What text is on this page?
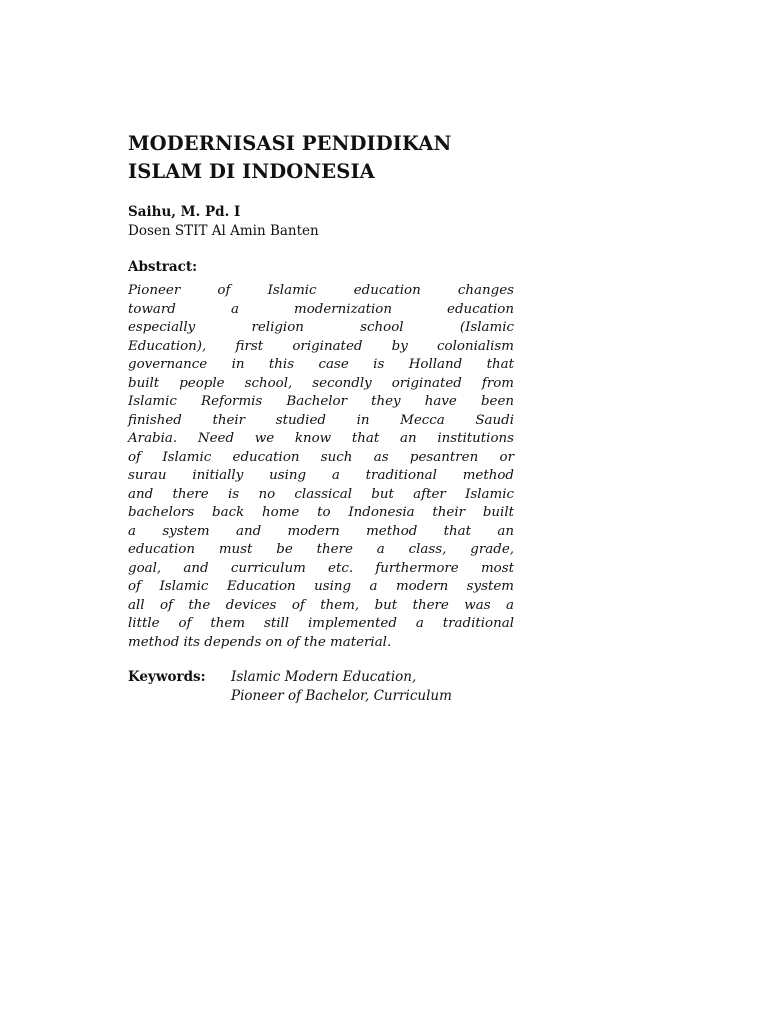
MODERNISASI PENDIDIKAN
ISLAM DI INDONESIA
Saihu, M. Pd. I
Dosen STIT Al Amin Banten
Abstract:
Pioneer of Islamic education changes
toward a modernization education
especially religion school (Islamic
Education), first originated by colonialism
governance in this case is Holland that
built people school, secondly originated from
Islamic Reformis Bachelor they have been
finished their studied in Mecca Saudi
Arabia. Need we know that an institutions
of Islamic education such as pesantren or
surau initially using a traditional method
and there is no classical but after Islamic
bachelors back home to Indonesia their built
a system and modern method that an
education must be there a class, grade,
goal, and curriculum etc. furthermore most
of Islamic Education using a modern system
all of the devices of them, but there was a
little of them still implemented a traditional
method its depends on of the material.
Keywords:	Islamic Modern Education,
Pioneer of Bachelor, Curriculum
